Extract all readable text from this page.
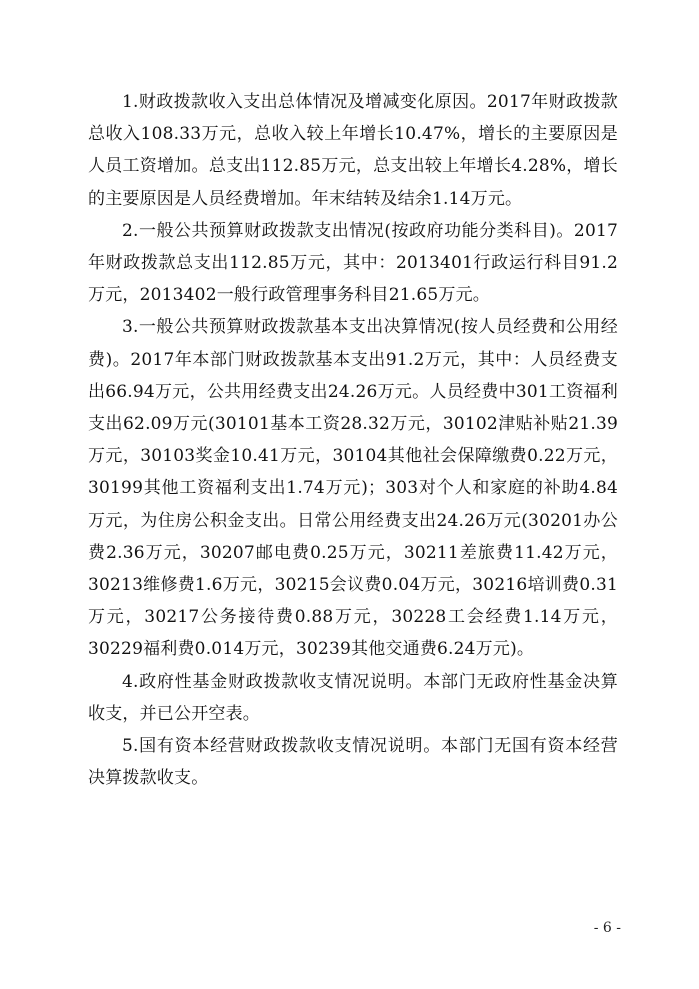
1.财政拨款收入支出总体情况及增减变化原因。2017年财政拨款总收入108.33万元，总收入较上年增长10.47%，增长的主要原因是人员工资增加。总支出112.85万元，总支出较上年增长4.28%，增长的主要原因是人员经费增加。年末结转及结余1.14万元。

2.一般公共预算财政拨款支出情况(按政府功能分类科目)。2017年财政拨款总支出112.85万元，其中：2013401行政运行科目91.2万元，2013402一般行政管理事务科目21.65万元。

3.一般公共预算财政拨款基本支出决算情况(按人员经费和公用经费)。2017年本部门财政拨款基本支出91.2万元，其中：人员经费支出66.94万元，公共用经费支出24.26万元。人员经费中301工资福利支出62.09万元(30101基本工资28.32万元，30102津贴补贴21.39万元，30103奖金10.41万元，30104其他社会保障缴费0.22万元，30199其他工资福利支出1.74万元)；303对个人和家庭的补助4.84万元，为住房公积金支出。日常公用经费支出24.26万元(30201办公费2.36万元，30207邮电费0.25万元，30211差旅费11.42万元，30213维修费1.6万元，30215会议费0.04万元，30216培训费0.31万元，30217公务接待费0.88万元，30228工会经费1.14万元，30229福利费0.014万元，30239其他交通费6.24万元)。

4.政府性基金财政拨款收支情况说明。本部门无政府性基金决算收支，并已公开空表。

5.国有资本经营财政拨款收支情况说明。本部门无国有资本经营决算拨款收支。

- 6 -
